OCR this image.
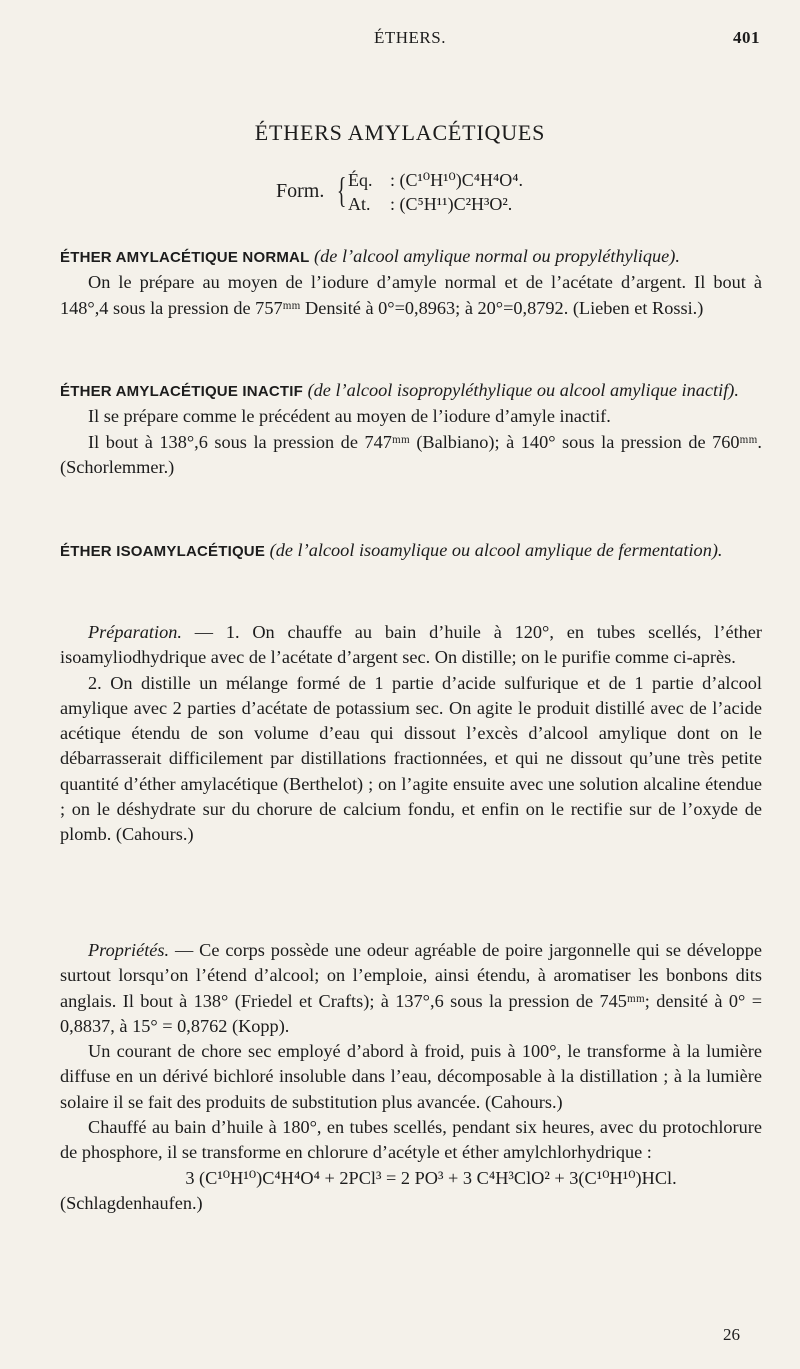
ÉTHERS.	401
ÉTHERS AMYLACÉTIQUES
Form. { Éq. : (C¹⁰H¹⁰)C⁴H⁴O⁴.
At. : (C⁵H¹¹)C²H³O².

ÉTHER AMYLACÉTIQUE NORMAL (de l’alcool amylique normal ou propyléthylique).

On le prépare au moyen de l’iodure d’amyle normal et de l’acétate d’argent. Il bout à 148°,4 sous la pression de 757ᵐᵐ Densité à 0°=0,8963; à 20°=0,8792. (Lieben et Rossi.)

ÉTHER AMYLACÉTIQUE INACTIF (de l’alcool isopropyléthylique ou alcool amylique inactif).

Il se prépare comme le précédent au moyen de l’iodure d’amyle inactif.

Il bout à 138°,6 sous la pression de 747ᵐᵐ (Balbiano); à 140° sous la pression de 760ᵐᵐ. (Schorlemmer.)

ÉTHER ISOAMYLACÉTIQUE (de l’alcool isoamylique ou alcool amylique de fermentation).

Préparation. — 1. On chauffe au bain d’huile à 120°, en tubes scellés, l’éther isoamyliodhydrique avec de l’acétate d’argent sec. On distille; on le purifie comme ci-après.

2. On distille un mélange formé de 1 partie d’acide sulfurique et de 1 partie d’alcool amylique avec 2 parties d’acétate de potassium sec. On agite le produit distillé avec de l’acide acétique étendu de son volume d’eau qui dissout l’excès d’alcool amylique dont on le débarrasserait difficilement par distillations fractionnées, et qui ne dissout qu’une très petite quantité d’éther amylacétique (Berthelot) ; on l’agite ensuite avec une solution alcaline étendue ; on le déshydrate sur du chorure de calcium fondu, et enfin on le rectifie sur de l’oxyde de plomb. (Cahours.)

Propriétés. — Ce corps possède une odeur agréable de poire jargonnelle qui se développe surtout lorsqu’on l’étend d’alcool; on l’emploie, ainsi étendu, à aromatiser les bonbons dits anglais. Il bout à 138° (Friedel et Crafts); à 137°,6 sous la pression de 745ᵐᵐ; densité à 0° = 0,8837, à 15° = 0,8762 (Kopp).

Un courant de chore sec employé d’abord à froid, puis à 100°, le transforme à la lumière diffuse en un dérivé bichloré insoluble dans l’eau, décomposable à la distillation ; à la lumière solaire il se fait des produits de substitution plus avancée. (Cahours.)

Chauffé au bain d’huile à 180°, en tubes scellés, pendant six heures, avec du protochlorure de phosphore, il se transforme en chlorure d’acétyle et éther amylchlorhydrique :

3 (C¹⁰H¹⁰)C⁴H⁴O⁴ + 2PCl³ = 2 PO³ + 3 C⁴H³ClO² + 3(C¹⁰H¹⁰)HCl.

(Schlagdenhaufen.)

26
